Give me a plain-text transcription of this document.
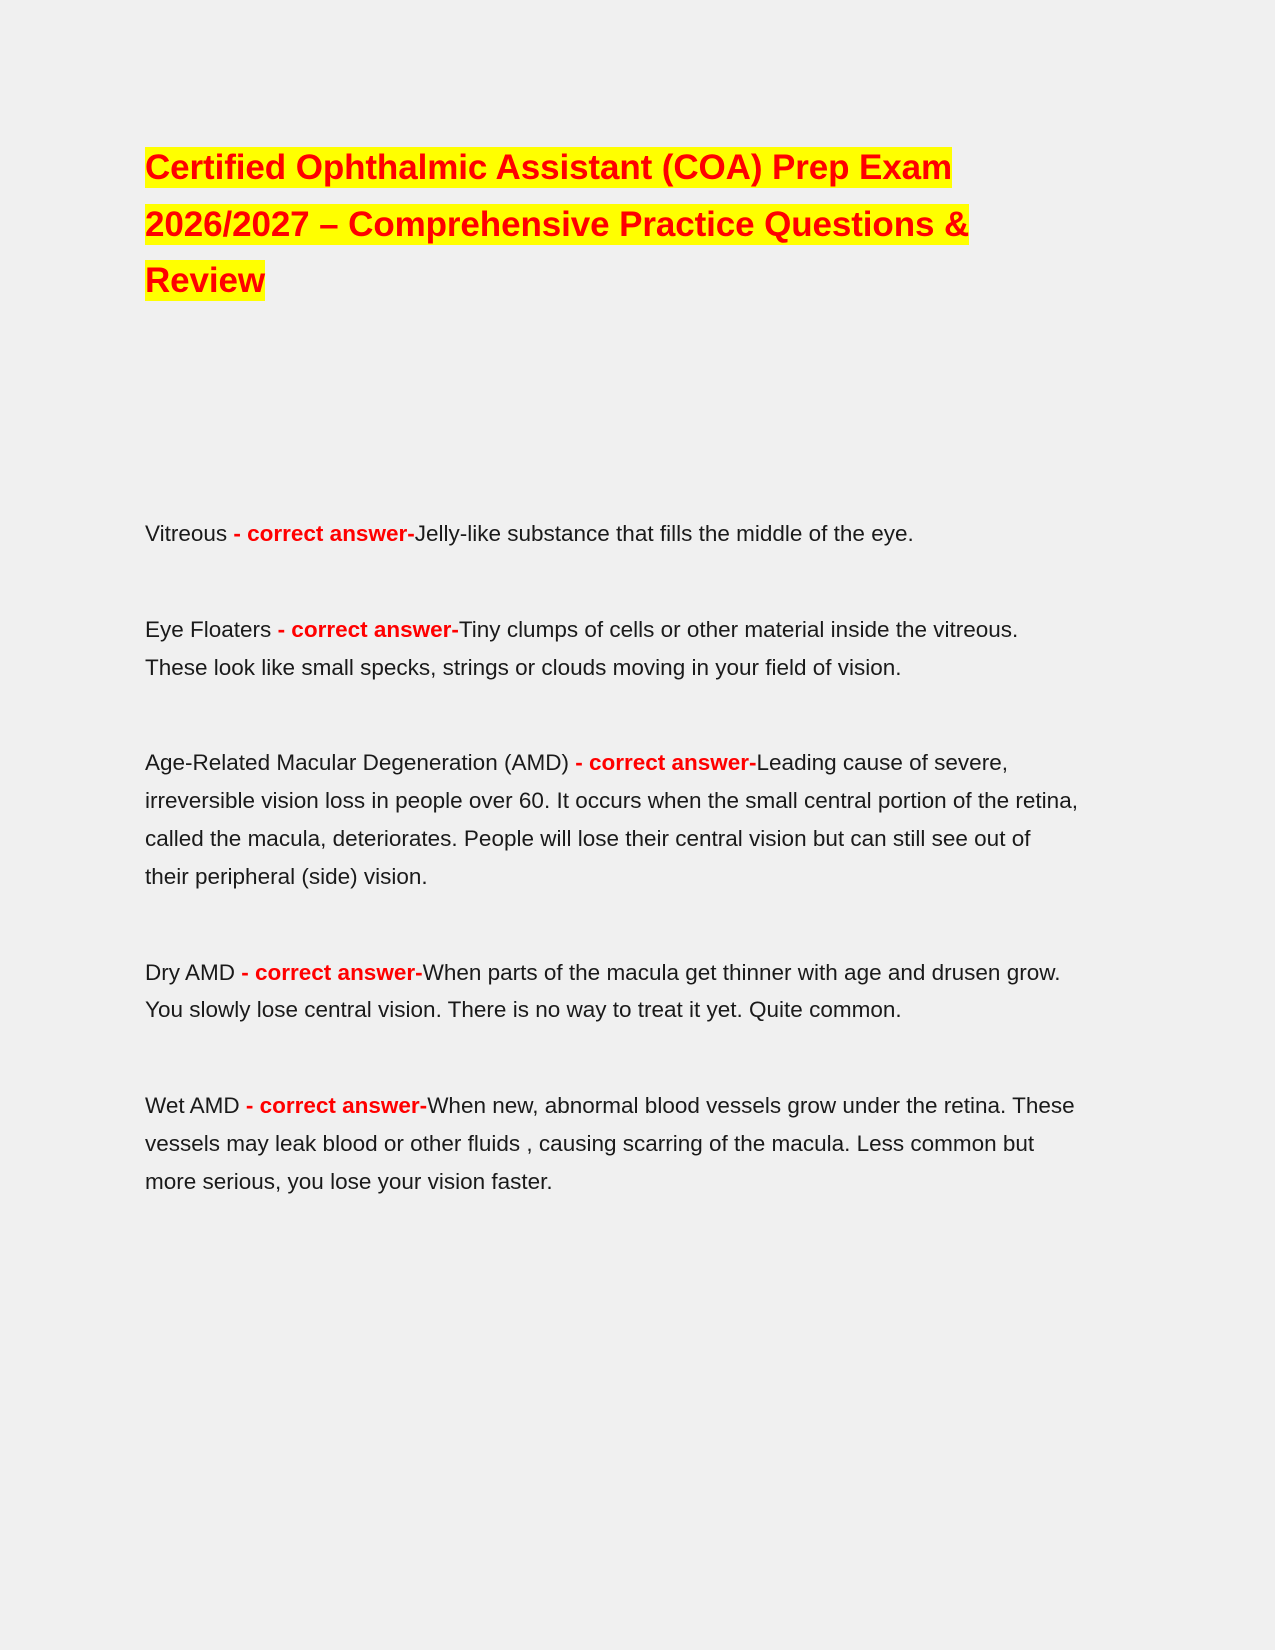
Certified Ophthalmic Assistant (COA) Prep Exam
2026/2027 – Comprehensive Practice Questions &
Review

Vitreous - correct answer-Jelly-like substance that fills the middle of the eye.

Eye Floaters - correct answer-Tiny clumps of cells or other material inside the vitreous. These look like small specks, strings or clouds moving in your field of vision.

Age-Related Macular Degeneration (AMD) - correct answer-Leading cause of severe, irreversible vision loss in people over 60. It occurs when the small central portion of the retina, called the macula, deteriorates. People will lose their central vision but can still see out of their peripheral (side) vision.

Dry AMD - correct answer-When parts of the macula get thinner with age and drusen grow. You slowly lose central vision. There is no way to treat it yet. Quite common.

Wet AMD - correct answer-When new, abnormal blood vessels grow under the retina. These vessels may leak blood or other fluids , causing scarring of the macula. Less common but more serious, you lose your vision faster.
